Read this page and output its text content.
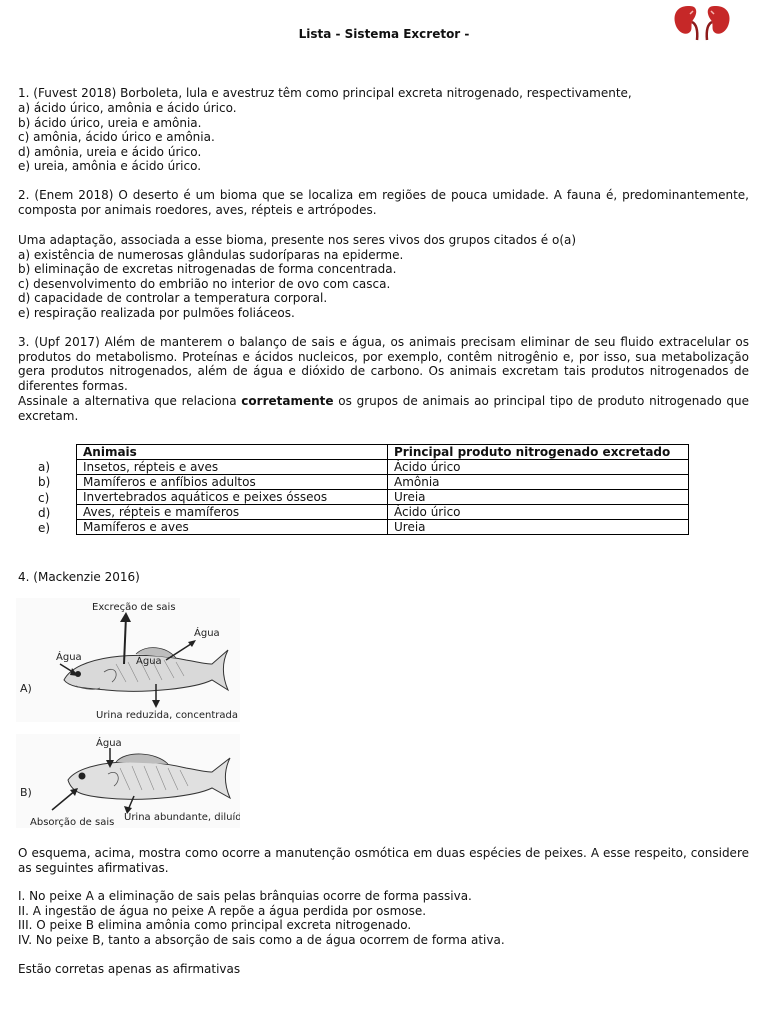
Lista - Sistema Excretor -
1. (Fuvest 2018) Borboleta, lula e avestruz têm como principal excreta nitrogenado, respectivamente,
a) ácido úrico, amônia e ácido úrico.
b) ácido úrico, ureia e amônia.
c) amônia, ácido úrico e amônia.
d) amônia, ureia e ácido úrico.
e) ureia, amônia e ácido úrico.
2. (Enem 2018) O deserto é um bioma que se localiza em regiões de pouca umidade. A fauna é, predominantemente, composta por animais roedores, aves, répteis e artrópodes.
Uma adaptação, associada a esse bioma, presente nos seres vivos dos grupos citados é o(a)
a) existência de numerosas glândulas sudoríparas na epiderme.
b) eliminação de excretas nitrogenadas de forma concentrada.
c) desenvolvimento do embrião no interior de ovo com casca.
d) capacidade de controlar a temperatura corporal.
e) respiração realizada por pulmões foliáceos.
3. (Upf 2017) Além de manterem o balanço de sais e água, os animais precisam eliminar de seu fluido extracelular os produtos do metabolismo. Proteínas e ácidos nucleicos, por exemplo, contêm nitrogênio e, por isso, sua metabolização gera produtos nitrogenados, além de água e dióxido de carbono. Os animais excretam tais produtos nitrogenados de diferentes formas.
Assinale a alternativa que relaciona corretamente os grupos de animais ao principal tipo de produto nitrogenado que excretam.
a)
b)
c)
d)
e)
Animais	Principal produto nitrogenado excretado
Insetos, répteis e aves	Ácido úrico
Mamíferos e anfíbios adultos	Amônia
Invertebrados aquáticos e peixes ósseos	Ureia
Aves, répteis e mamíferos	Ácido úrico
Mamíferos e aves	Ureia
4. (Mackenzie 2016)
Excreção de sais
Água
Água	Água
A)
Urina reduzida, concentrada
Água
B)
Absorção de sais Urina abundante, diluída
O esquema, acima, mostra como ocorre a manutenção osmótica em duas espécies de peixes. A esse respeito, considere as seguintes afirmativas.
I. No peixe A a eliminação de sais pelas brânquias ocorre de forma passiva.
II. A ingestão de água no peixe A repõe a água perdida por osmose.
III. O peixe B elimina amônia como principal excreta nitrogenado.
IV. No peixe B, tanto a absorção de sais como a de água ocorrem de forma ativa.
Estão corretas apenas as afirmativas
